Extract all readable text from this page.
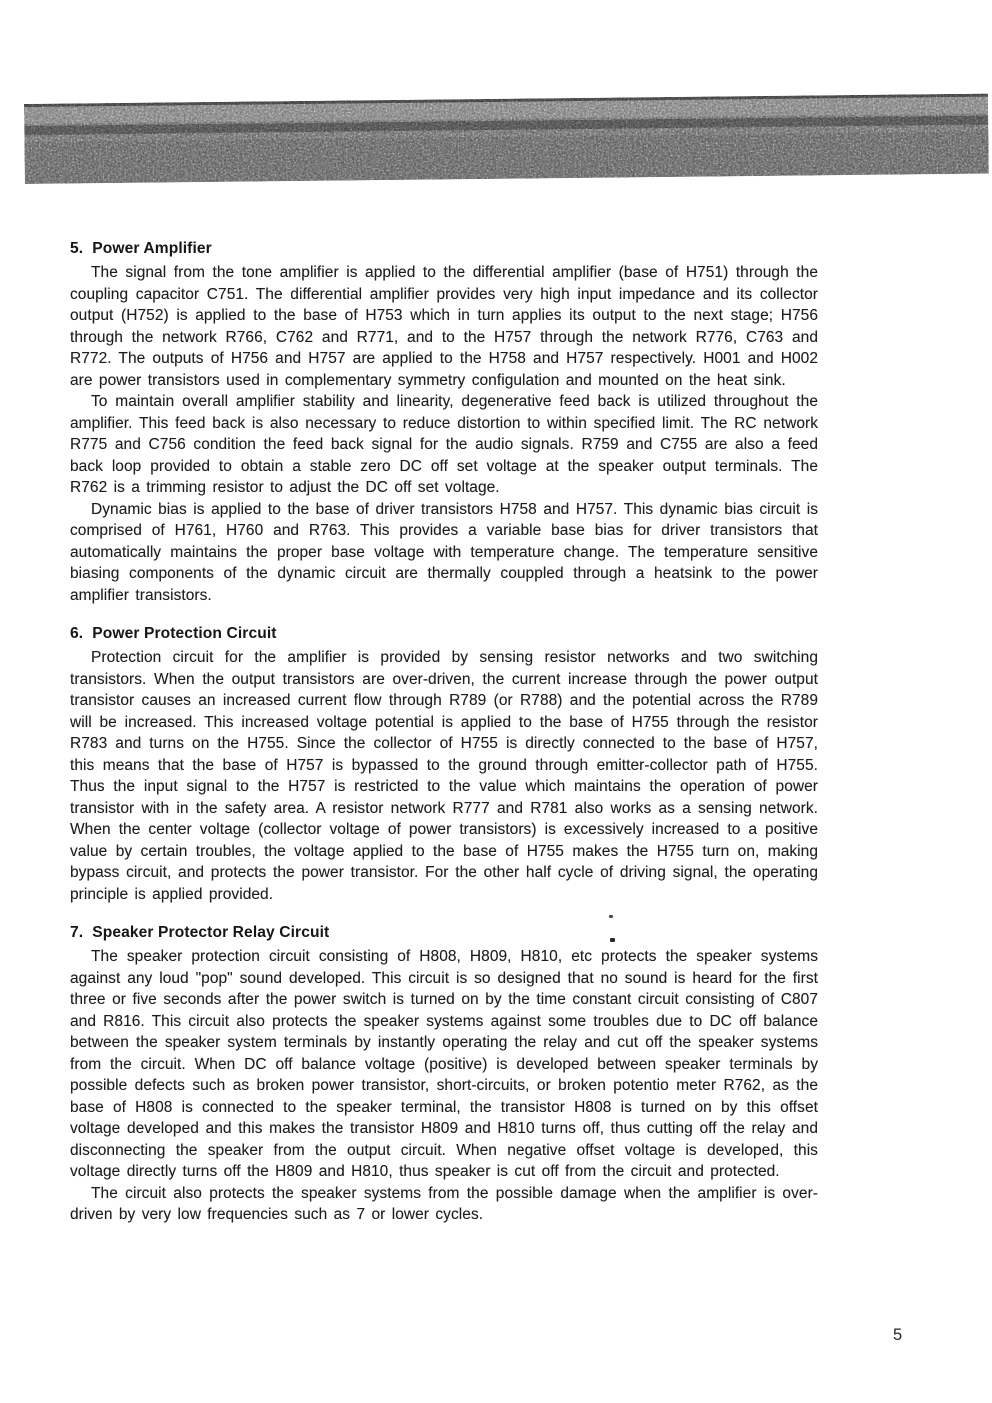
5. Power Amplifier

The signal from the tone amplifier is applied to the differential amplifier (base of H751) through the coupling capacitor C751. The differential amplifier provides very high input impedance and its collector output (H752) is applied to the base of H753 which in turn applies its output to the next stage; H756 through the network R766, C762 and R771, and to the H757 through the network R776, C763 and R772. The outputs of H756 and H757 are applied to the H758 and H757 respectively. H001 and H002 are power transistors used in complementary symmetry configulation and mounted on the heat sink.

To maintain overall amplifier stability and linearity, degenerative feed back is utilized throughout the amplifier. This feed back is also necessary to reduce distortion to within specified limit. The RC network R775 and C756 condition the feed back signal for the audio signals. R759 and C755 are also a feed back loop provided to obtain a stable zero DC off set voltage at the speaker output terminals. The R762 is a trimming resistor to adjust the DC off set voltage.

Dynamic bias is applied to the base of driver transistors H758 and H757. This dynamic bias circuit is comprised of H761, H760 and R763. This provides a variable base bias for driver transistors that automatically maintains the proper base voltage with temperature change. The temperature sensitive biasing components of the dynamic circuit are thermally couppled through a heatsink to the power amplifier transistors.

6. Power Protection Circuit

Protection circuit for the amplifier is provided by sensing resistor networks and two switching transistors. When the output transistors are over-driven, the current increase through the power output transistor causes an increased current flow through R789 (or R788) and the potential across the R789 will be increased. This increased voltage potential is applied to the base of H755 through the resistor R783 and turns on the H755. Since the collector of H755 is directly connected to the base of H757, this means that the base of H757 is bypassed to the ground through emitter-collector path of H755. Thus the input signal to the H757 is restricted to the value which maintains the operation of power transistor with in the safety area. A resistor network R777 and R781 also works as a sensing network. When the center voltage (collector voltage of power transistors) is excessively increased to a positive value by certain troubles, the voltage applied to the base of H755 makes the H755 turn on, making bypass circuit, and protects the power transistor. For the other half cycle of driving signal, the operating principle is applied provided.

7. Speaker Protector Relay Circuit

The speaker protection circuit consisting of H808, H809, H810, etc protects the speaker systems against any loud "pop" sound developed. This circuit is so designed that no sound is heard for the first three or five seconds after the power switch is turned on by the time constant circuit consisting of C807 and R816. This circuit also protects the speaker systems against some troubles due to DC off balance between the speaker system terminals by instantly operating the relay and cut off the speaker systems from the circuit. When DC off balance voltage (positive) is developed between speaker terminals by possible defects such as broken power transistor, short-circuits, or broken potentio meter R762, as the base of H808 is connected to the speaker terminal, the transistor H808 is turned on by this offset voltage developed and this makes the transistor H809 and H810 turns off, thus cutting off the relay and disconnecting the speaker from the output circuit. When negative offset voltage is developed, this voltage directly turns off the H809 and H810, thus speaker is cut off from the circuit and protected.

The circuit also protects the speaker systems from the possible damage when the amplifier is over-driven by very low frequencies such as 7 or lower cycles.

5
